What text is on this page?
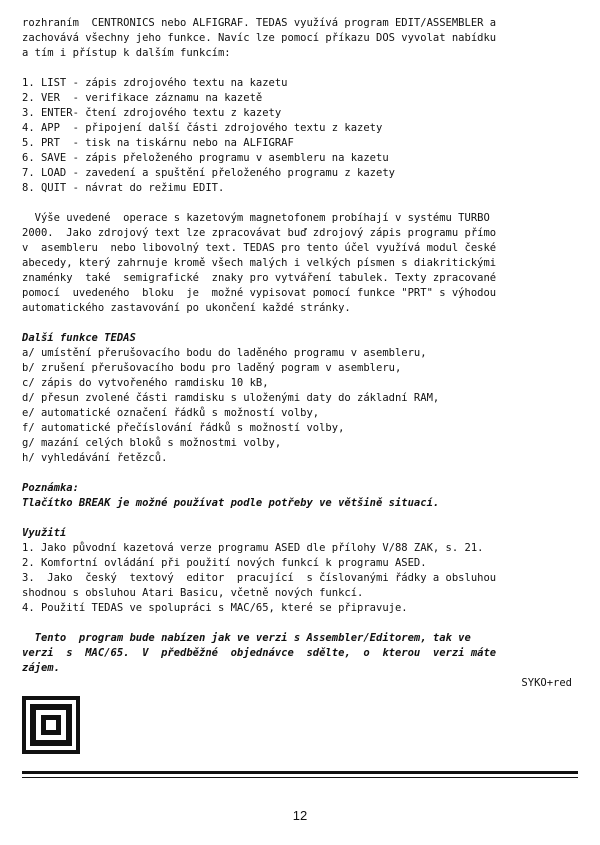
rozhraním  CENTRONICS nebo ALFIGRAF. TEDAS využívá program EDIT/ASSEMBLER a

zachovává všechny jeho funkce. Navíc lze pomocí příkazu DOS vyvolat nabídku

a tím i přístup k dalším funkcím:

1. LIST - zápis zdrojového textu na kazetu
2. VER  - verifikace záznamu na kazetě
3. ENTER- čtení zdrojového textu z kazety
4. APP  - připojení další části zdrojového textu z kazety
5. PRT  - tisk na tiskárnu nebo na ALFIGRAF
6. SAVE - zápis přeloženého programu v asembleru na kazetu
7. LOAD - zavedení a spuštění přeloženého programu z kazety
8. QUIT - návrat do režimu EDIT.

Výše uvedené  operace s kazetovým magnetofonem probíhají v systému TURBO

2000.  Jako zdrojový text lze zpracovávat buď zdrojový zápis programu přímo

v  asembleru  nebo libovolný text. TEDAS pro tento účel využívá modul české

abecedy, který zahrnuje kromě všech malých i velkých písmen s diakritickými

znaménky  také  semigrafické  znaky pro vytváření tabulek. Texty zpracované

pomocí  uvedeného  bloku  je  možné vypisovat pomocí funkce "PRT" s výhodou

automatického zastavování po ukončení každé stránky.

Další funkce TEDAS

a/ umístění přerušovacího bodu do laděného programu v asembleru,
b/ zrušení přerušovacího bodu pro laděný pogram v asembleru,
c/ zápis do vytvořeného ramdisku 10 kB,
d/ přesun zvolené části ramdisku s uloženými daty do základní RAM,
e/ automatické označení řádků s možností volby,
f/ automatické přečíslování řádků s možností volby,
g/ mazání celých bloků s možnostmi volby,
h/ vyhledávání řetězců.

Poznámka:

Tlačítko BREAK je možné používat podle potřeby ve většině situací.

Využití

1. Jako původní kazetová verze programu ASED dle přílohy V/88 ZAK, s. 21.
2. Komfortní ovládání při použití nových funkcí k programu ASED.
3.  Jako  český  textový  editor  pracující  s číslovanými řádky a obsluhou
shodnou s obsluhou Atari Basicu, včetně nových funkcí.
4. Použití TEDAS ve spolupráci s MAC/65, které se připravuje.

Tento  program bude nabízen jak ve verzi s Assembler/Editorem, tak ve

verzi  s  MAC/65.  V  předběžné  objednávce  sdělte,  o  kterou  verzi máte

zájem.

SYKO+red

12
